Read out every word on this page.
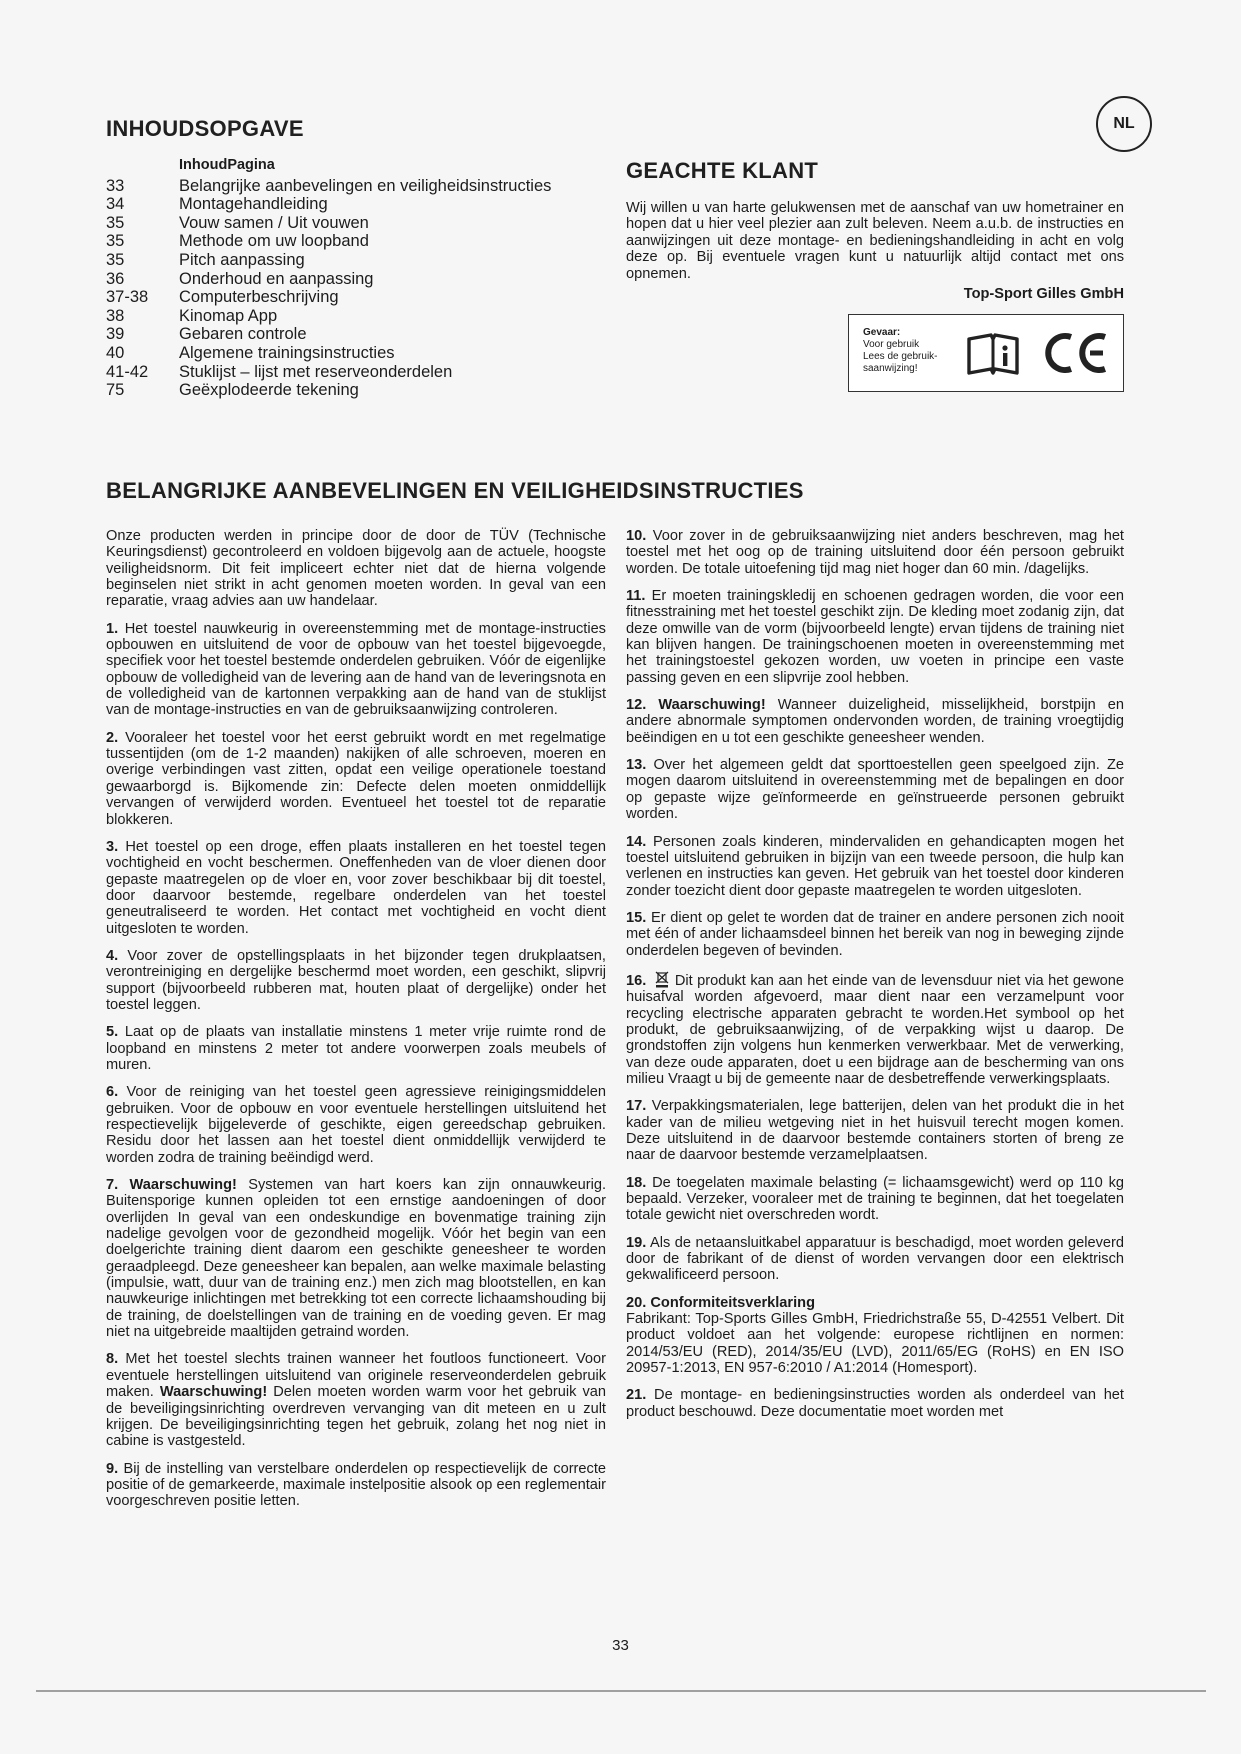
INHOUDSOPGAVE	NL
InhoudPagina
33	Belangrijke aanbevelingen en veiligheidsinstructies
34	Montagehandleiding
35	Vouw samen / Uit vouwen
35	Methode om uw loopband
35	Pitch aanpassing
36	Onderhoud en aanpassing
37-38	Computerbeschrijving
38	Kinomap App
39	Gebaren controle
40	Algemene trainingsinstructies
41-42	Stuklijst – lijst met reserveonderdelen
75	Geëxplodeerde tekening
GEACHTE KLANT
Wij willen u van harte gelukwensen met de aanschaf van uw hometrainer en hopen dat u hier veel plezier aan zult beleven. Neem a.u.b. de instructies en aanwijzingen uit deze montage- en bedieningshandleiding in acht en volg deze op. Bij eventuele vragen kunt u natuurlijk altijd contact met ons opnemen.
Top-Sport Gilles GmbH
Gevaar:
Voor gebruik
Lees de gebruik-
saanwijzing!
BELANGRIJKE AANBEVELINGEN EN VEILIGHEIDSINSTRUCTIES

Onze producten werden in principe door de door de TÜV (Technische Keuringsdienst) gecontroleerd en voldoen bijgevolg aan de actuele, hoogste veiligheidsnorm. Dit feit impliceert echter niet dat de hierna volgende beginselen niet strikt in acht genomen moeten worden. In geval van een reparatie, vraag advies aan uw handelaar.

1. Het toestel nauwkeurig in overeenstemming met de montage-instructies opbouwen en uitsluitend de voor de opbouw van het toestel bijgevoegde, specifiek voor het toestel bestemde onderdelen gebruiken. Vóór de eigenlijke opbouw de volledigheid van de levering aan de hand van de leveringsnota en de volledigheid van de kartonnen verpakking aan de hand van de stuklijst van de montage-instructies en van de gebruiksaanwijzing controleren.

2. Vooraleer het toestel voor het eerst gebruikt wordt en met regelmatige tussentijden (om de 1-2 maanden) nakijken of alle schroeven, moeren en overige verbindingen vast zitten, opdat een veilige operationele toestand gewaarborgd is. Bijkomende zin: Defecte delen moeten onmiddellijk vervangen of verwijderd worden. Eventueel het toestel tot de reparatie blokkeren.

3. Het toestel op een droge, effen plaats installeren en het toestel tegen vochtigheid en vocht beschermen. Oneffenheden van de vloer dienen door gepaste maatregelen op de vloer en, voor zover beschikbaar bij dit toestel, door daarvoor bestemde, regelbare onderdelen van het toestel geneutraliseerd te worden. Het contact met vochtigheid en vocht dient uitgesloten te worden.

4. Voor zover de opstellingsplaats in het bijzonder tegen drukplaatsen, verontreiniging en dergelijke beschermd moet worden, een geschikt, slipvrij support (bijvoorbeeld rubberen mat, houten plaat of dergelijke) onder het toestel leggen.

5. Laat op de plaats van installatie minstens 1 meter vrije ruimte rond de loopband en minstens 2 meter tot andere voorwerpen zoals meubels of muren.

6. Voor de reiniging van het toestel geen agressieve reinigingsmiddelen gebruiken. Voor de opbouw en voor eventuele herstellingen uitsluitend het respectievelijk bijgeleverde of geschikte, eigen gereedschap gebruiken. Residu door het lassen aan het toestel dient onmiddellijk verwijderd te worden zodra de training beëindigd werd.

7. Waarschuwing! Systemen van hart koers kan zijn onnauwkeurig. Buitensporige kunnen opleiden tot een ernstige aandoeningen of door overlijden In geval van een ondeskundige en bovenmatige training zijn nadelige gevolgen voor de gezondheid mogelijk. Vóór het begin van een doelgerichte training dient daarom een geschikte geneesheer te worden geraadpleegd. Deze geneesheer kan bepalen, aan welke maximale belasting (impulsie, watt, duur van de training enz.) men zich mag blootstellen, en kan nauwkeurige inlichtingen met betrekking tot een correcte lichaamshouding bij de training, de doelstellingen van de training en de voeding geven. Er mag niet na uitgebreide maaltijden getraind worden.

8. Met het toestel slechts trainen wanneer het foutloos functioneert. Voor eventuele herstellingen uitsluitend van originele reserveonderdelen gebruik maken. Waarschuwing! Delen moeten worden warm voor het gebruik van de beveiligingsinrichting overdreven vervanging van dit meteen en u zult krijgen. De beveiligingsinrichting tegen het gebruik, zolang het nog niet in cabine is vastgesteld.

9. Bij de instelling van verstelbare onderdelen op respectievelijk de correcte positie of de gemarkeerde, maximale instelpositie alsook op een reglementair voorgeschreven positie letten.

10. Voor zover in de gebruiksaanwijzing niet anders beschreven, mag het toestel met het oog op de training uitsluitend door één persoon gebruikt worden. De totale uitoefening tijd mag niet hoger dan 60 min. /dagelijks.

11. Er moeten trainingskledij en schoenen gedragen worden, die voor een fitnesstraining met het toestel geschikt zijn. De kleding moet zodanig zijn, dat deze omwille van de vorm (bijvoorbeeld lengte) ervan tijdens de training niet kan blijven hangen. De trainingschoenen moeten in overeenstemming met het trainingstoestel gekozen worden, uw voeten in principe een vaste passing geven en een slipvrije zool hebben.

12. Waarschuwing! Wanneer duizeligheid, misselijkheid, borstpijn en andere abnormale symptomen ondervonden worden, de training vroegtijdig beëindigen en u tot een geschikte geneesheer wenden.

13. Over het algemeen geldt dat sporttoestellen geen speelgoed zijn. Ze mogen daarom uitsluitend in overeenstemming met de bepalingen en door op gepaste wijze geïnformeerde en geïnstrueerde personen gebruikt worden.

14. Personen zoals kinderen, mindervaliden en gehandicapten mogen het toestel uitsluitend gebruiken in bijzijn van een tweede persoon, die hulp kan verlenen en instructies kan geven. Het gebruik van het toestel door kinderen zonder toezicht dient door gepaste maatregelen te worden uitgesloten.

15. Er dient op gelet te worden dat de trainer en andere personen zich nooit met één of ander lichaamsdeel binnen het bereik van nog in beweging zijnde onderdelen begeven of bevinden.

16. Dit produkt kan aan het einde van de levensduur niet via het gewone huisafval worden afgevoerd, maar dient naar een verzamelpunt voor recycling electrische apparaten gebracht te worden.Het symbool op het produkt, de gebruiksaanwijzing, of de verpakking wijst u daarop. De grondstoffen zijn volgens hun kenmerken verwerkbaar. Met de verwerking, van deze oude apparaten, doet u een bijdrage aan de bescherming van ons milieu Vraagt u bij de gemeente naar de desbetreffende verwerkingsplaats.

17. Verpakkingsmaterialen, lege batterijen, delen van het produkt die in het kader van de milieu wetgeving niet in het huisvuil terecht mogen komen. Deze uitsluitend in de daarvoor bestemde containers storten of breng ze naar de daarvoor bestemde verzamelplaatsen.

18. De toegelaten maximale belasting (= lichaamsgewicht) werd op 110 kg bepaald. Verzeker, vooraleer met de training te beginnen, dat het toegelaten totale gewicht niet overschreden wordt.

19. Als de netaansluitkabel apparatuur is beschadigd, moet worden geleverd door de fabrikant of de dienst of worden vervangen door een elektrisch gekwalificeerd persoon.

20. Conformiteitsverklaring
Fabrikant: Top-Sports Gilles GmbH, Friedrichstraße 55, D-42551 Velbert. Dit product voldoet aan het volgende: europese richtlijnen en normen: 2014/53/EU (RED), 2014/35/EU (LVD), 2011/65/EG (RoHS) en EN ISO 20957-1:2013, EN 957-6:2010 / A1:2014 (Homesport).

21. De montage- en bedieningsinstructies worden als onderdeel van het product beschouwd. Deze documentatie moet worden met

33
